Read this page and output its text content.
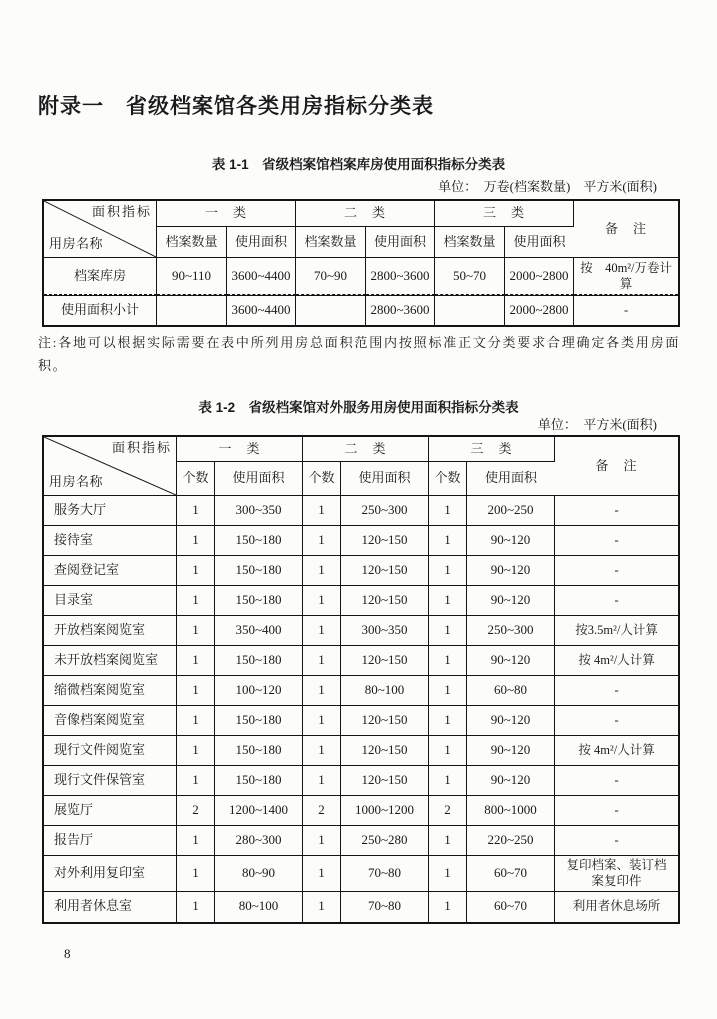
附录一　省级档案馆各类用房指标分类表
表 1-1　省级档案馆档案库房使用面积指标分类表
单位：　万卷(档案数量)　平方米(面积)
面积指标
用房名称	一　类		二　类		三　类		备　注
	档案数量	使用面积	档案数量	使用面积	档案数量	使用面积	
档案库房	90~110	3600~4400	70~90	2800~3600	50~70	2000~2800	按　40m²/万卷计算
使用面积小计		3600~4400		2800~3600		2000~2800	-

注:各地可以根据实际需要在表中所列用房总面积范围内按照标准正文分类要求合理确定各类用房面积。

表 1-2　省级档案馆对外服务用房使用面积指标分类表
单位：　平方米(面积)
面积指标
用房名称	一　类		二　类		三　类		备　注
	个数	使用面积	个数	使用面积	个数	使用面积	
服务大厅	1	300~350	1	250~300	1	200~250	-
接待室	1	150~180	1	120~150	1	90~120	-
查阅登记室	1	150~180	1	120~150	1	90~120	-
目录室	1	150~180	1	120~150	1	90~120	-
开放档案阅览室	1	350~400	1	300~350	1	250~300	按3.5m²/人计算
未开放档案阅览室	1	150~180	1	120~150	1	90~120	按 4m²/人计算
缩微档案阅览室	1	100~120	1	80~100	1	60~80	-
音像档案阅览室	1	150~180	1	120~150	1	90~120	-
现行文件阅览室	1	150~180	1	120~150	1	90~120	按 4m²/人计算
现行文件保管室	1	150~180	1	120~150	1	90~120	-
展览厅	2	1200~1400	2	1000~1200	2	800~1000	-
报告厅	1	280~300	1	250~280	1	220~250	-
对外利用复印室	1	80~90	1	70~80	1	60~70	复印档案、装订档案复印件
利用者休息室	1	80~100	1	70~80	1	60~70	利用者休息场所
8
